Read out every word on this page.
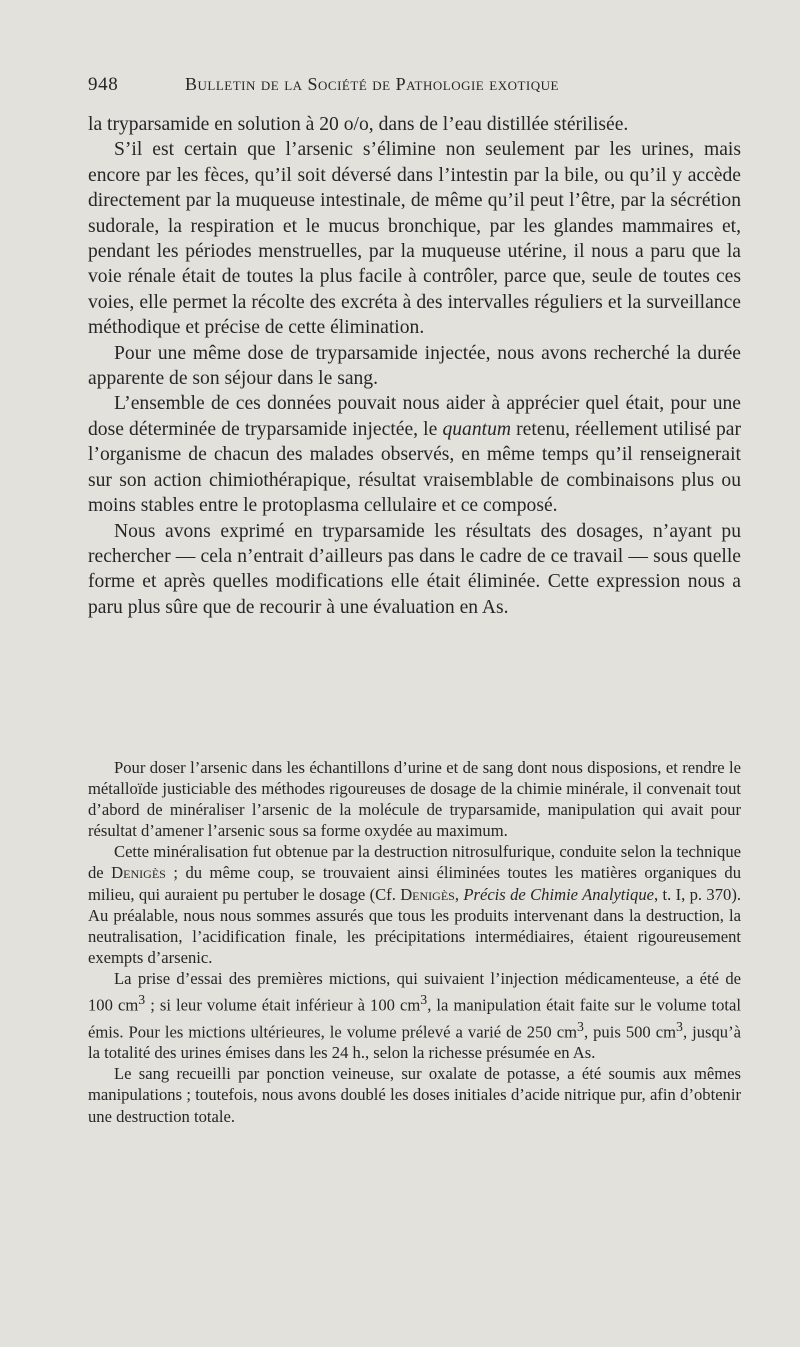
948	Bulletin de la Société de Pathologie exotique

la tryparsamide en solution à 20 o/o, dans de l’eau distillée stérilisée.

S’il est certain que l’arsenic s’élimine non seulement par les urines, mais encore par les fèces, qu’il soit déversé dans l’intestin par la bile, ou qu’il y accède directement par la muqueuse intestinale, de même qu’il peut l’être, par la sécrétion sudorale, la respiration et le mucus bronchique, par les glandes mammaires et, pendant les périodes menstruelles, par la muqueuse utérine, il nous a paru que la voie rénale était de toutes la plus facile à contrôler, parce que, seule de toutes ces voies, elle permet la récolte des excréta à des intervalles réguliers et la surveillance méthodique et précise de cette élimination.

Pour une même dose de tryparsamide injectée, nous avons recherché la durée apparente de son séjour dans le sang.

L’ensemble de ces données pouvait nous aider à apprécier quel était, pour une dose déterminée de tryparsamide injectée, le quantum retenu, réellement utilisé par l’organisme de chacun des malades observés, en même temps qu’il renseignerait sur son action chimiothérapique, résultat vraisemblable de combinaisons plus ou moins stables entre le protoplasma cellulaire et ce composé.

Nous avons exprimé en tryparsamide les résultats des dosages, n’ayant pu rechercher — cela n’entrait d’ailleurs pas dans le cadre de ce travail — sous quelle forme et après quelles modifications elle était éliminée. Cette expression nous a paru plus sûre que de recourir à une évaluation en As.

Pour doser l’arsenic dans les échantillons d’urine et de sang dont nous disposions, et rendre le métalloïde justiciable des méthodes rigoureuses de dosage de la chimie minérale, il convenait tout d’abord de minéraliser l’arsenic de la molécule de tryparsamide, manipulation qui avait pour résultat d’amener l’arsenic sous sa forme oxydée au maximum.

Cette minéralisation fut obtenue par la destruction nitrosulfurique, conduite selon la technique de Denigès ; du même coup, se trouvaient ainsi éliminées toutes les matières organiques du milieu, qui auraient pu pertuber le dosage (Cf. Denigès, Précis de Chimie Analytique, t. I, p. 370). Au préalable, nous nous sommes assurés que tous les produits intervenant dans la destruction, la neutralisation, l’acidification finale, les précipitations intermédiaires, étaient rigoureusement exempts d’arsenic.

La prise d’essai des premières mictions, qui suivaient l’injection médicamenteuse, a été de 100 $cm^3$ ; si leur volume était inférieur à 100 $cm^3$, la manipulation était faite sur le volume total émis. Pour les mictions ultérieures, le volume prélevé a varié de 250 $cm^3$, puis 500 $cm^3$, jusqu’à la totalité des urines émises dans les 24 h., selon la richesse présumée en As.

Le sang recueilli par ponction veineuse, sur oxalate de potasse, a été soumis aux mêmes manipulations ; toutefois, nous avons doublé les doses initiales d’acide nitrique pur, afin d’obtenir une destruction totale.
